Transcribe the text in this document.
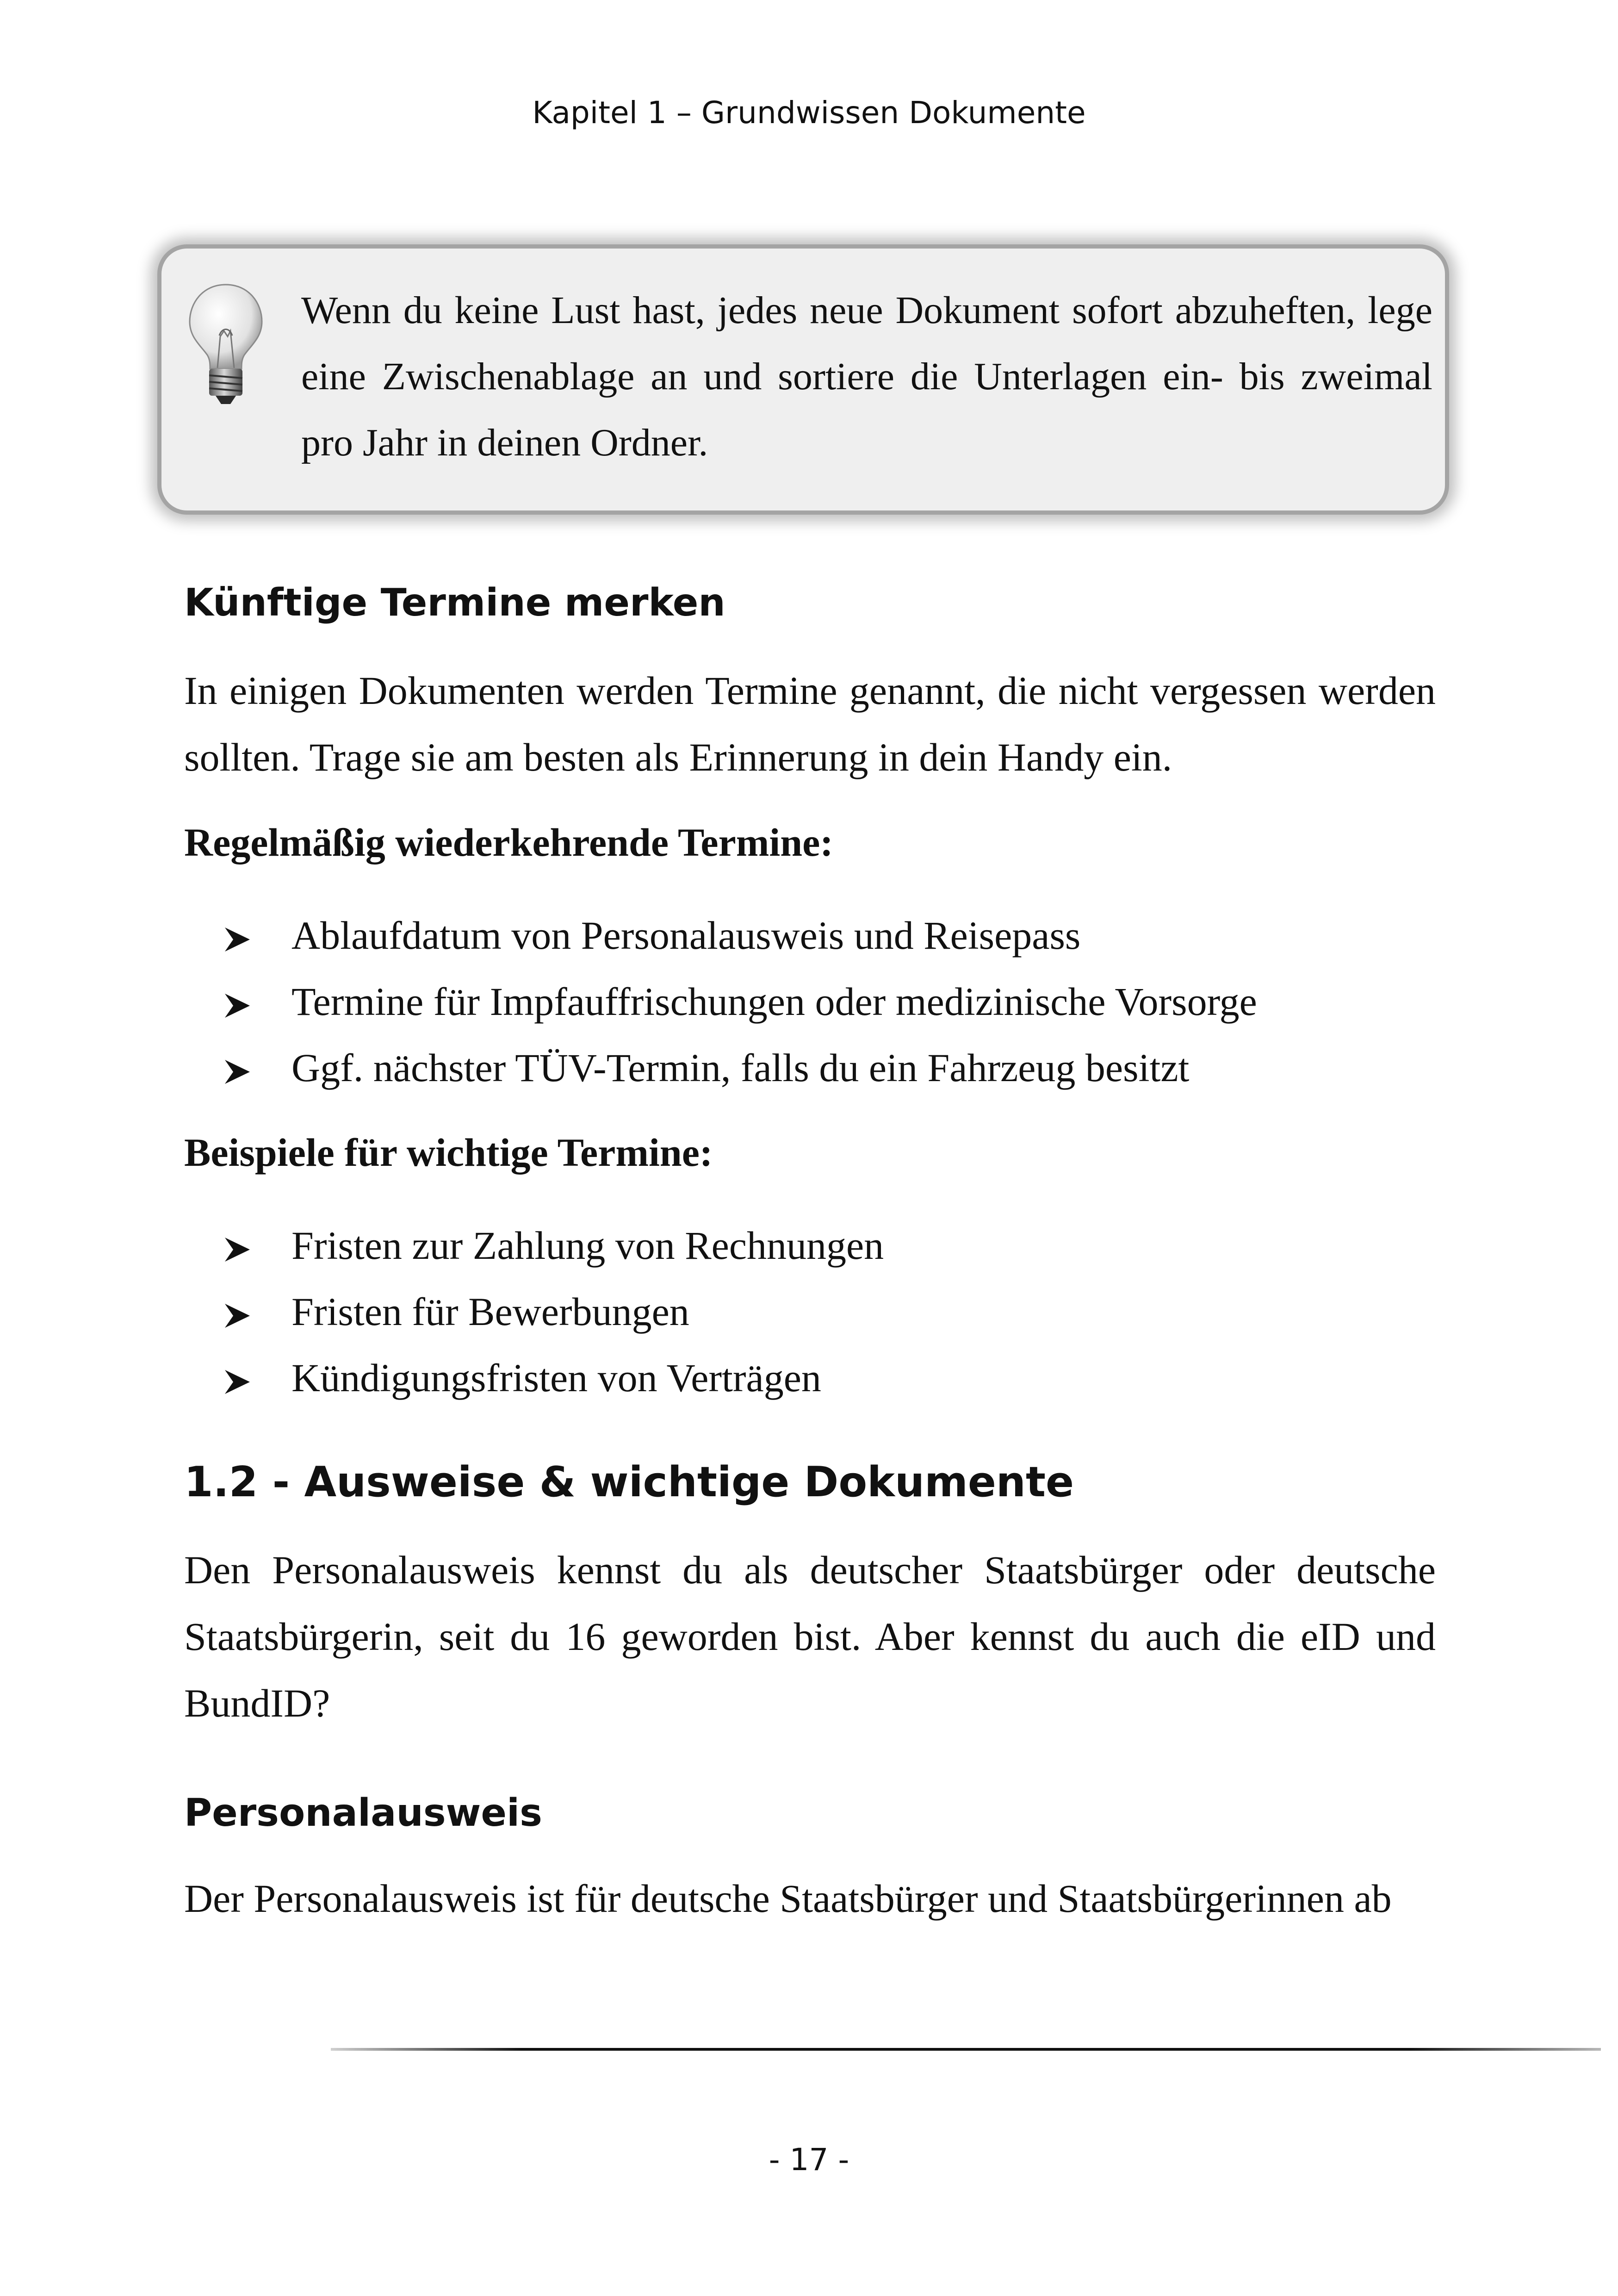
Kapitel 1 – Grundwissen Dokumente

Wenn du keine Lust hast, jedes neue Dokument sofort abzuheften, lege eine Zwischenablage an und sortiere die Unterlagen ein- bis zweimal pro Jahr in deinen Ordner.

Künftige Termine merken

In einigen Dokumenten werden Termine genannt, die nicht vergessen werden sollten. Trage sie am besten als Erinnerung in dein Handy ein.

Regelmäßig wiederkehrende Termine:
Ablaufdatum von Personalausweis und Reisepass
Termine für Impfauffrischungen oder medizinische Vorsorge
Ggf. nächster TÜV-Termin, falls du ein Fahrzeug besitzt
Beispiele für wichtige Termine:
Fristen zur Zahlung von Rechnungen
Fristen für Bewerbungen
Kündigungsfristen von Verträgen
1.2 - Ausweise & wichtige Dokumente

Den Personalausweis kennst du als deutscher Staatsbürger oder deutsche Staatsbürgerin, seit du 16 geworden bist. Aber kennst du auch die eID und BundID?

Personalausweis

Der Personalausweis ist für deutsche Staatsbürger und Staatsbürgerinnen ab

- 17 -
